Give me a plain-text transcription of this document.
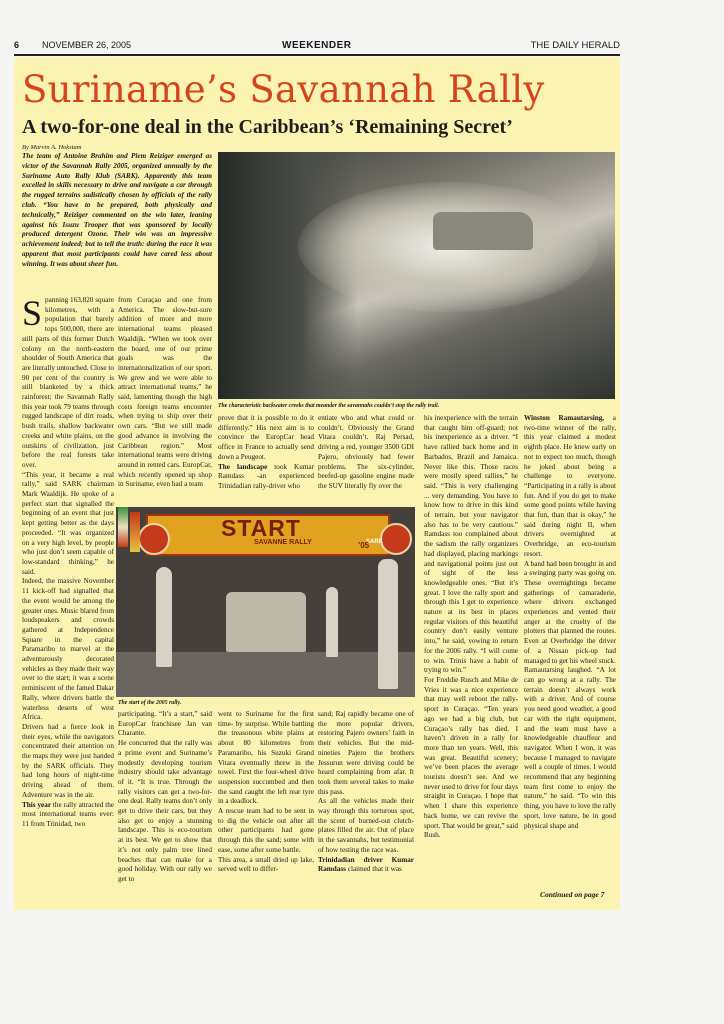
6	NOVEMBER 26, 2005	WEEKENDER	THE DAILY HERALD
Suriname’s Savannah Rally
A two-for-one deal in the Caribbean’s ‘Remaining Secret’
By Marvin A. Hokstam
The team of Antoine Brahim and Piem Reiziger emerged as victor of the Savannah Rally 2005, organized annually by the Suriname Auto Rally Klub (SARK). Apparently this team excelled in skills necessary to drive and navigate a car through the rugged terrains sadistically chosen by officials of the rally club. “You have to be prepared, both physically and technically,” Reiziger commented on the win later, leaning against his Isuzu Trooper that was sponsored by locally produced detergent Ozone. Their win was an impressive achievement indeed; but to tell the truth: during the race it was apparent that most participants could have cared less about winning. It was about sheer fun.
The characteristic backwater creeks that meander the savannahs couldn’t stop the rally trail.

Spanning 163,820 square kilometres, with a population that barely tops 500,000, there are still parts of this former Dutch colony on the north-eastern shoulder of South America that are literally untouched. Close to 90 per cent of the country is still blanketed by a thick rainforest; the Savannah Rally this year took 79 teams through rugged landscape of dirt roads, bush trails, shallow backwater creeks and white plains, on the outskirts of civilization, just before the real forests take over.

“This year, it became a real rally,” said SARK chairman Mark Waaldijk. He spoke of a perfect start that signalled the beginning of an event that just kept getting better as the days proceeded. “It was organized on a very high level, by people who just don’t seem capable of low-standard thinking,” he said.

Indeed, the massive November 11 kick-off had signalled that the event would be among the greater ones. Music blared from loudspeakers and crowds gathered at Independence Square in the capital Paramaribo to marvel at the adventurously decorated vehicles as they made their way over to the start; it was a scene reminiscent of the famed Dakar Rally, where drivers battle the waterless deserts of west Africa.

Drivers had a fierce look in their eyes, while the navigators concentrated their attention on the maps they were just handed by the SARK officials. They had long hours of night-time driving ahead of them. Adventure was in the air.

This year the rally attracted the most international teams ever: 11 from Trinidad, two

from Curaçao and one from America. The slow-but-sure addition of more and more international teams pleased Waaldijk. “When we took over the board, one of our prime goals was the internationalization of our sport. We grew and we were able to attract international teams,” he said, lamenting though the high costs foreign teams encounter when trying to ship over their own cars. “But we still made good advance in involving the Caribbean region.” Most international teams were driving around in rented cars. EuropCar, which recently opened up shop in Suriname, even had a team

prove that it is possible to do it differently.” His next aim is to convince the EuropCar head office in France to actually send down a Peugeot.

The landscape took Kumar Ramdass -an experienced Trinidadian rally-driver who

entiate who and what could or couldn’t. Obviously the Grand Vitara couldn’t. Raj Persad, driving a red, younger 3500 GDI Pajero, obviously had fewer problems. The six-cylinder, beefed-up gasoline engine made the SUV literally fly over the

START
SAVANNE RALLY	SARK
’05
The start of the 2005 rally.

participating. “It’s a start,” said EuropCar franchisee Jan van Charante.

He concurred that the rally was a prime event and Suriname’s modestly developing tourism industry should take advantage of it. “It is true. Through the rally visitors can get a two-for-one deal. Rally teams don’t only get to drive their cars, but they also get to enjoy a stunning landscape. This is eco-tourism at its best. We get to show that it’s not only palm tree lined beaches that can make for a good holiday. With our rally we get to

went to Suriname for the first time- by surprise. While battling the treasonous white plains at about 80 kilometres from Paramaribo, his Suzuki Grand Vitara eventually threw in the towel. First the four-wheel drive suspension succumbed and then the sand caught the left rear tyre in a deadlock.

A rescue team had to be sent in to dig the vehicle out after all other participants had gone through this the sand; some with ease, some after some battle.

This area, a small dried up lake, served well to differ-

sand; Raj rapidly became one of the more popular drivers, restoring Pajero owners’ faith in their vehicles. But the mid-nineties Pajero the brothers Jessurun were driving could be heard complaining from afar. It took them several takes to make this pass.

As all the vehicles made their way through this torturous spot, the scent of burned-out clutch-plates filled the air. Out of place in the savannahs, but testimonial of how testing the race was.

Trinidadian driver Kumar Ramdass claimed that it was

his inexperience with the terrain that caught him off-guard; not his inexperience as a driver. “I have rallied back home and in Barbados, Brazil and Jamaica. Never like this. Those races were mostly speed rallies,” he said. “This is very challenging ... very demanding. You have to know how to drive in this kind of terrain, but your navigator also has to be very cautious.” Ramdass too complained about the sadism the rally organizers had displayed, placing markings and navigational points just out of sight of the less knowledgeable ones. “But it’s great. I love the rally sport and through this I get to experience nature at its best in places regular visitors of this beautiful country don’t easily venture into,” he said, vowing to return for the 2006 rally. “I will come to win. Trinis have a habit of trying to win.”

For Freddie Rusch and Mike de Vries it was a nice experience that may well reboot the rally-sport in Curaçao. “Ten years ago we had a big club, but Curaçao’s rally has died. I haven’t driven in a rally for more than ten years. Well, this was great. Beautiful scenery; we’ve been places the average tourists doesn’t see. And we never used to drive for four days straight in Curaçao. I hope that when I share this experience back home, we can revive the sport. That would be great,” said Rush.

Winston Ramautarsing, a two-time winner of the rally, this year claimed a modest eighth place. He knew early on not to expect too much, though he joked about being a challenge to everyone. “Participating in a rally is about fun. And if you do get to make some good points while having that fun, than that is okay,” he said during night II, when drivers overnighted at Overbridge, an eco-tourism resort.

A band had been brought in and a swinging party was going on. These overnightings became gatherings of camaraderie, where drivers exchanged experiences and vented their anger at the cruelty of the plotters that planned the routes. Even at Overbridge the driver of a Nissan pick-up had managed to get his wheel stuck.

Ramautarsing laughed. “A lot can go wrong at a rally. The terrain doesn’t always work with a driver. And of course you need good weather, a good car with the right equipment, and the team must have a knowledgeable chauffeur and navigator. When I won, it was because I managed to navigate well a couple of times. I would recommend that any beginning team first come to enjoy the nature,” he said. “To win this thing, you have to love the rally sport, love nature, be in good physical shape and

Continued on page 7
